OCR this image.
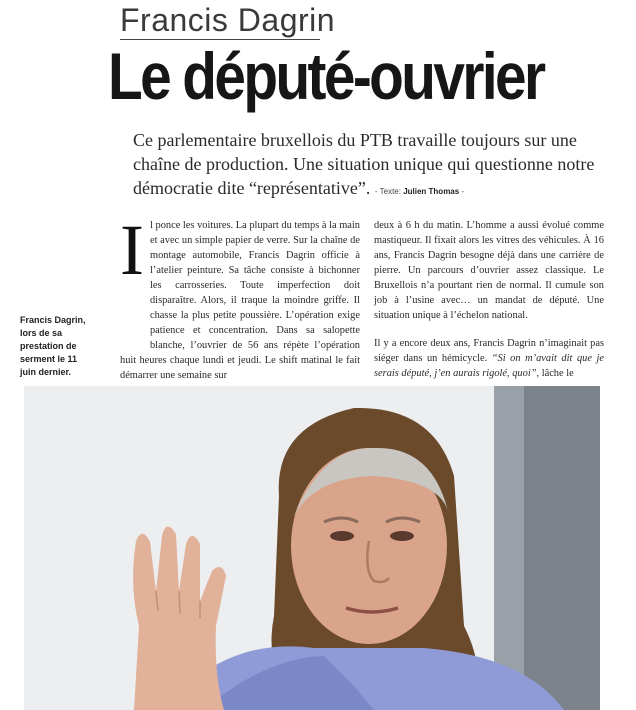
Francis Dagrin
Le député-ouvrier
Ce parlementaire bruxellois du PTB travaille toujours sur une chaîne de production. Une situation unique qui questionne notre démocratie dite “représentative”. - Texte: Julien Thomas -
Francis Dagrin, lors de sa prestation de serment le 11 juin dernier.
I l ponce les voitures. La plupart du temps à la main et avec un simple papier de verre. Sur la chaîne de montage automobile, Francis Dagrin officie à l’atelier peinture. Sa tâche consiste à bichonner les carrosseries. Toute imperfection doit disparaître. Alors, il traque la moindre griffe. Il chasse la plus petite poussière. L’opération exige patience et concentration. Dans sa salopette blanche, l’ouvrier de 56 ans répète l’opération huit heures chaque lundi et jeudi. Le shift matinal le fait démarrer une semaine sur

deux à 6 h du matin. L’homme a aussi évolué comme mastiqueur. Il fixait alors les vitres des véhicules. À 16 ans, Francis Dagrin besogne déjà dans une carrière de pierre. Un parcours d’ouvrier assez classique. Le Bruxellois n’a pourtant rien de normal. Il cumule son job à l’usine avec… un mandat de député. Une situation unique à l’échelon national.

Il y a encore deux ans, Francis Dagrin n’imaginait pas siéger dans un hémicycle. “Si on m’avait dit que je serais député, j’en aurais rigolé, quoi”, lâche le
